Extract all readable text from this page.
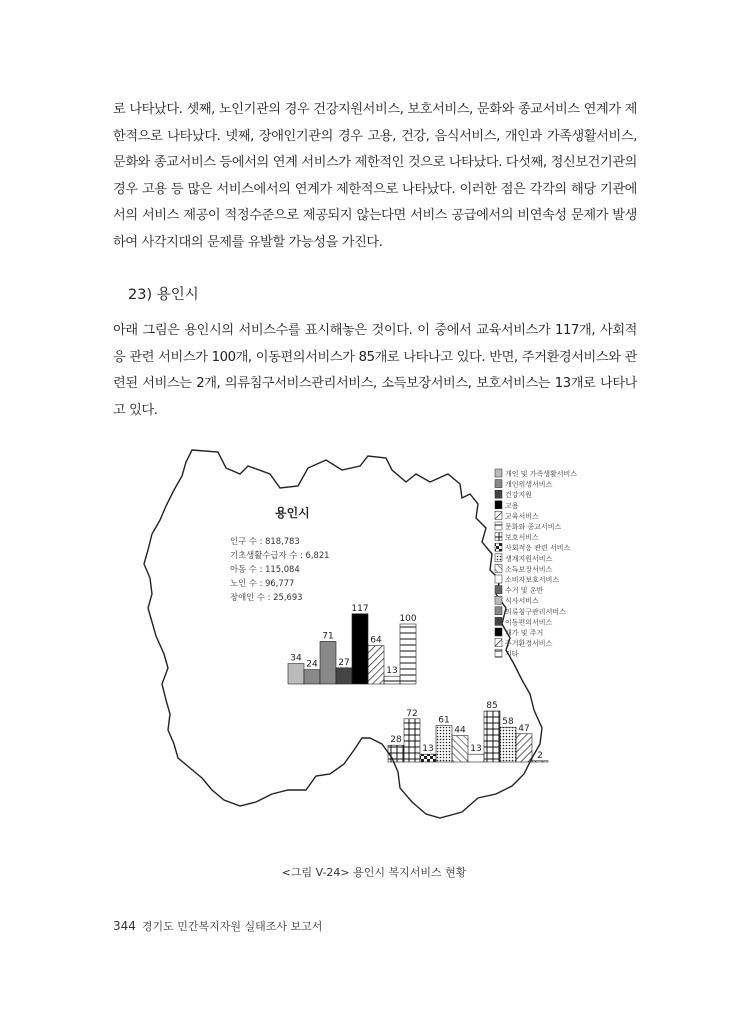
로 나타났다. 셋째, 노인기관의 경우 건강지원서비스, 보호서비스, 문화와 종교서비스 연계가 제한적으로 나타났다. 넷째, 장애인기관의 경우 고용, 건강, 음식서비스, 개인과 가족생활서비스, 문화와 종교서비스 등에서의 연계 서비스가 제한적인 것으로 나타났다. 다섯째, 정신보건기관의 경우 고용 등 많은 서비스에서의 연계가 제한적으로 나타났다. 이러한 점은 각각의 해당 기관에서의 서비스 제공이 적정수준으로 제공되지 않는다면 서비스 공급에서의 비연속성 문제가 발생하여 사각지대의 문제를 유발할 가능성을 가진다.
23) 용인시
아래 그림은 용인시의 서비스수를 표시해놓은 것이다. 이 중에서 교육서비스가 117개, 사회적응 관련 서비스가 100개, 이동편의서비스가 85개로 나타나고 있다. 반면, 주거환경서비스와 관련된 서비스는 2개, 의류침구서비스관리서비스, 소득보장서비스, 보호서비스는 13개로 나타나고 있다.
용인시
인구 수 : 818,783
기초생활수급자 수 : 6,821
아동 수 : 115,084
노인 수 : 96,777
장애인 수 : 25,693
34
24
71
27
117
64
13
100
28
72
13
61
44
13
85
58
47
2
개인 및 가족생활서비스
개인위생서비스
건강지원
고용
교육서비스
문화와 종교서비스
보호서비스
사회적응 관련 서비스
생계지원서비스
소득보장서비스
소비자보호서비스
수거 및 운반
식사서비스
의류침구관리서비스
이동편의서비스
재가 및 주거
주거환경서비스
기타
<그림 V-24> 용인시 복지서비스 현황
344 경기도 민간복지자원 실태조사 보고서
